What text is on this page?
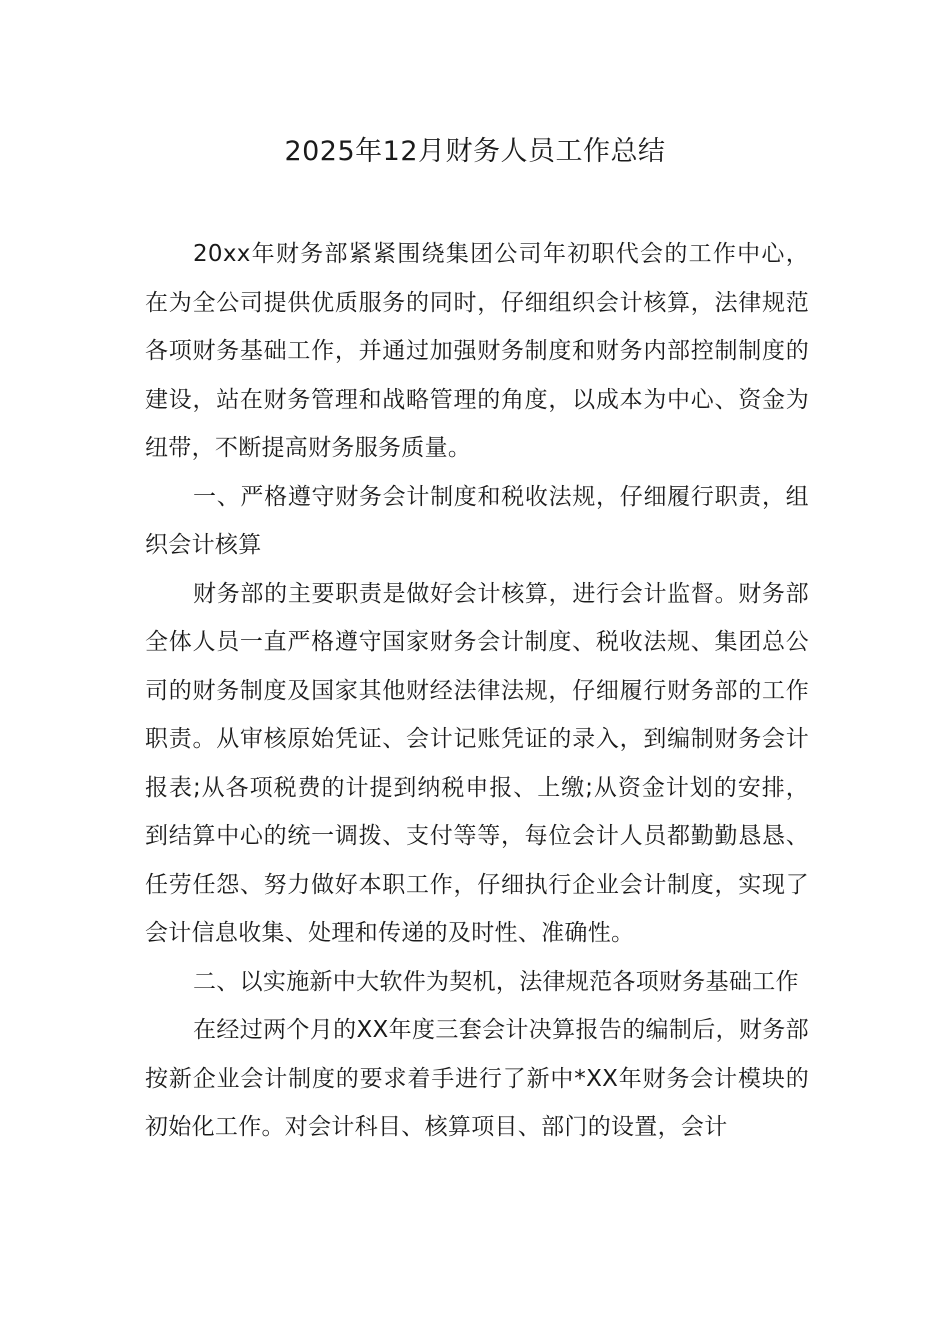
2025年12月财务人员工作总结

20xx年财务部紧紧围绕集团公司年初职代会的工作中心，在为全公司提供优质服务的同时，仔细组织会计核算，法律规范各项财务基础工作，并通过加强财务制度和财务内部控制制度的建设，站在财务管理和战略管理的角度，以成本为中心、资金为纽带，不断提高财务服务质量。

一、严格遵守财务会计制度和税收法规，仔细履行职责，组织会计核算

财务部的主要职责是做好会计核算，进行会计监督。财务部全体人员一直严格遵守国家财务会计制度、税收法规、集团总公司的财务制度及国家其他财经法律法规，仔细履行财务部的工作职责。从审核原始凭证、会计记账凭证的录入，到编制财务会计报表;从各项税费的计提到纳税申报、上缴;从资金计划的安排，到结算中心的统一调拨、支付等等，每位会计人员都勤勤恳恳、任劳任怨、努力做好本职工作，仔细执行企业会计制度，实现了会计信息收集、处理和传递的及时性、准确性。

二、以实施新中大软件为契机，法律规范各项财务基础工作

在经过两个月的XX年度三套会计决算报告的编制后，财务部按新企业会计制度的要求着手进行了新中*XX年财务会计模块的初始化工作。对会计科目、核算项目、部门的设置，会计
